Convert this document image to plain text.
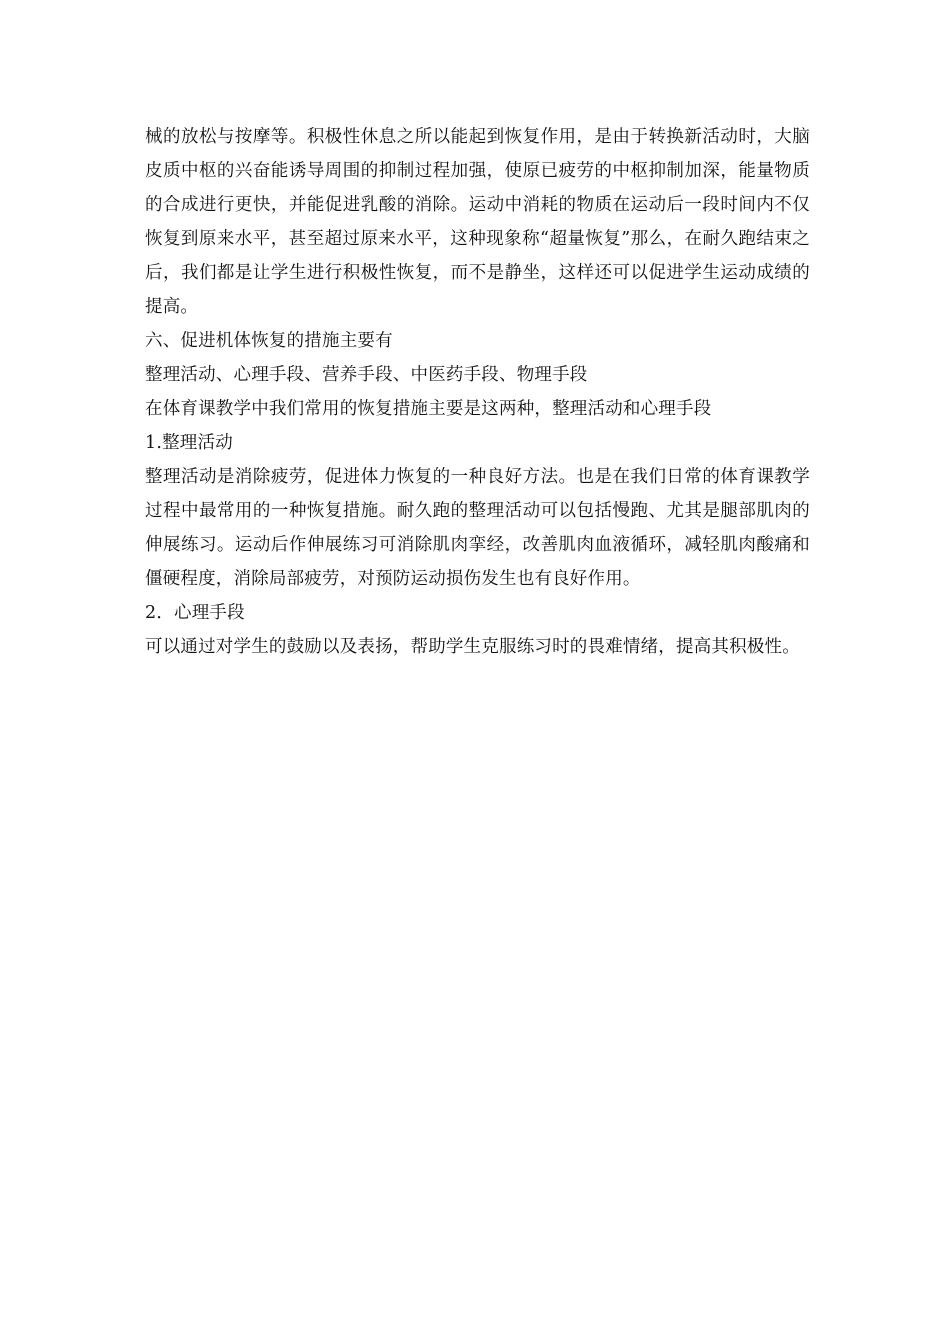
械的放松与按摩等。积极性休息之所以能起到恢复作用，是由于转换新活动时，大脑皮质中枢的兴奋能诱导周围的抑制过程加强，使原已疲劳的中枢抑制加深，能量物质的合成进行更快，并能促进乳酸的消除。运动中消耗的物质在运动后一段时间内不仅恢复到原来水平，甚至超过原来水平，这种现象称“超量恢复”那么，在耐久跑结束之后，我们都是让学生进行积极性恢复，而不是静坐，这样还可以促进学生运动成绩的提高。

六、促进机体恢复的措施主要有

整理活动、心理手段、营养手段、中医药手段、物理手段

在体育课教学中我们常用的恢复措施主要是这两种，整理活动和心理手段

1.整理活动

整理活动是消除疲劳，促进体力恢复的一种良好方法。也是在我们日常的体育课教学过程中最常用的一种恢复措施。耐久跑的整理活动可以包括慢跑、尤其是腿部肌肉的伸展练习。运动后作伸展练习可消除肌肉挛经，改善肌肉血液循环，减轻肌肉酸痛和僵硬程度，消除局部疲劳，对预防运动损伤发生也有良好作用。

2．心理手段

可以通过对学生的鼓励以及表扬，帮助学生克服练习时的畏难情绪，提高其积极性。
